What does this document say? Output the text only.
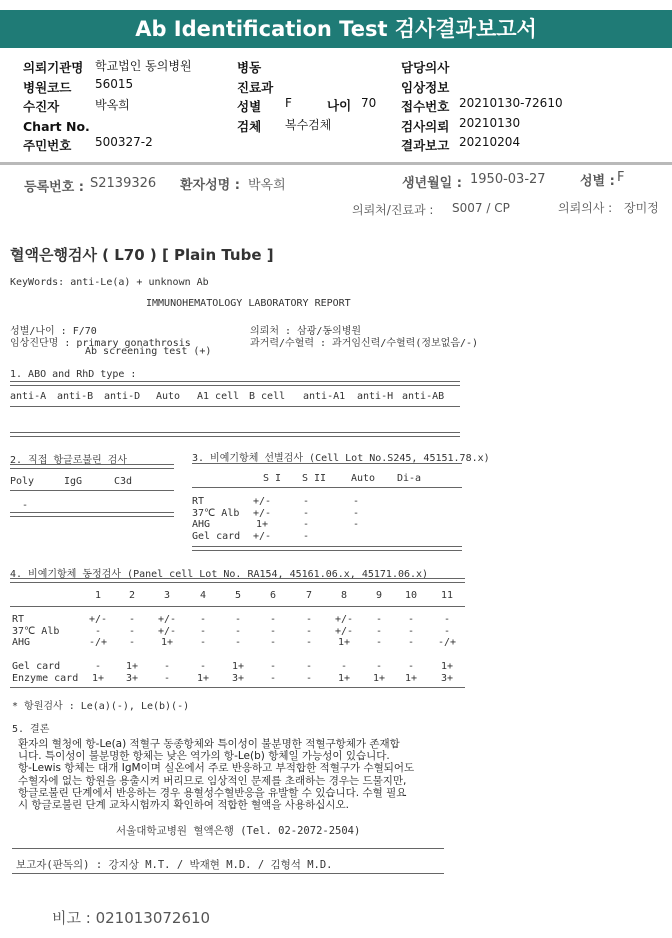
Ab Identification Test 검사결과보고서
의뢰기관명 학교법인 동의병원
병원코드 56015
수진자	박옥희
Chart No.
주민번호 500327-2
병동
진료과
성별 F	나이 70
검체 복수검체
담당의사
임상정보
접수번호 20210130-72610
검사의뢰 20210130
결과보고 20210204
등록번호 : S2139326 환자성명 : 박옥희	생년월일 : 1950-03-27	성별 : F
의뢰처/진료과 : S007 / CP	의뢰의사 : 장미정
혈액은행검사 ( L70 ) [ Plain Tube ]
KeyWords: anti-Le(a) + unknown Ab
IMMUNOHEMATOLOGY LABORATORY REPORT
성별/나이 : F/70
임상진단명 : primary gonathrosis
Ab screening test (+)
의뢰처 : 삼광/동의병원
과거력/수혈력 : 과거임신력/수혈력(정보없음/-)
1. ABO and RhD type :
anti-A anti-B anti-D Auto A1 cell B cell anti-A1 anti-H anti-AB
2. 직접 항글로불린 검사
Poly	IgG	C3d
-
3. 비예기항체 선별검사 (Cell Lot No.S245, 45151.78.x)
S I S II Auto Di-a
RT	+/-	-	-
37℃ Alb	+/-	-	-
AHG	1+	-	-
Gel card	+/-	-
4. 비예기항체 동정검사 (Panel cell Lot No. RA154, 45161.06.x, 45171.06.x)
1	2	3	4	5	6	7	8	9	10	11
RT	+/-	-	+/-	-	-	-	-	+/-	-	-	-
37℃ Alb	-	-	+/-	-	-	-	-	+/-	-	-	-
AHG	-/+	-	1+	-	-	-	-	1+	-	-	-/+
Gel card	-	1+	-	-	1+	-	-	-	-	-	1+
Enzyme card	1+	3+	-	1+	3+	-	-	1+	1+	1+	3+
* 항원검사 : Le(a)(-), Le(b)(-)
5. 결론
환자의 혈청에 항-Le(a) 적혈구 동종항체와 특이성이 불분명한 적혈구항체가 존재합
니다. 특이성이 불분명한 항체는 낮은 역가의 항-Le(b) 항체일 가능성이 있습니다.
항-Lewis 항체는 대개 IgM이며 실온에서 주로 반응하고 부적합한 적혈구가 수혈되어도
수혈자에 없는 항원을 용출시켜 버리므로 임상적인 문제를 초래하는 경우는 드물지만,
항글로불린 단계에서 반응하는 경우 용혈성수혈반응을 유발할 수 있습니다. 수혈 필요
시 항글로불린 단계 교차시험까지 확인하여 적합한 혈액을 사용하십시오.
서울대학교병원 혈액은행 (Tel. 02-2072-2504)
보고자(판독의) : 강지상 M.T. / 박재현 M.D. / 김형석 M.D.
비고 : 021013072610
